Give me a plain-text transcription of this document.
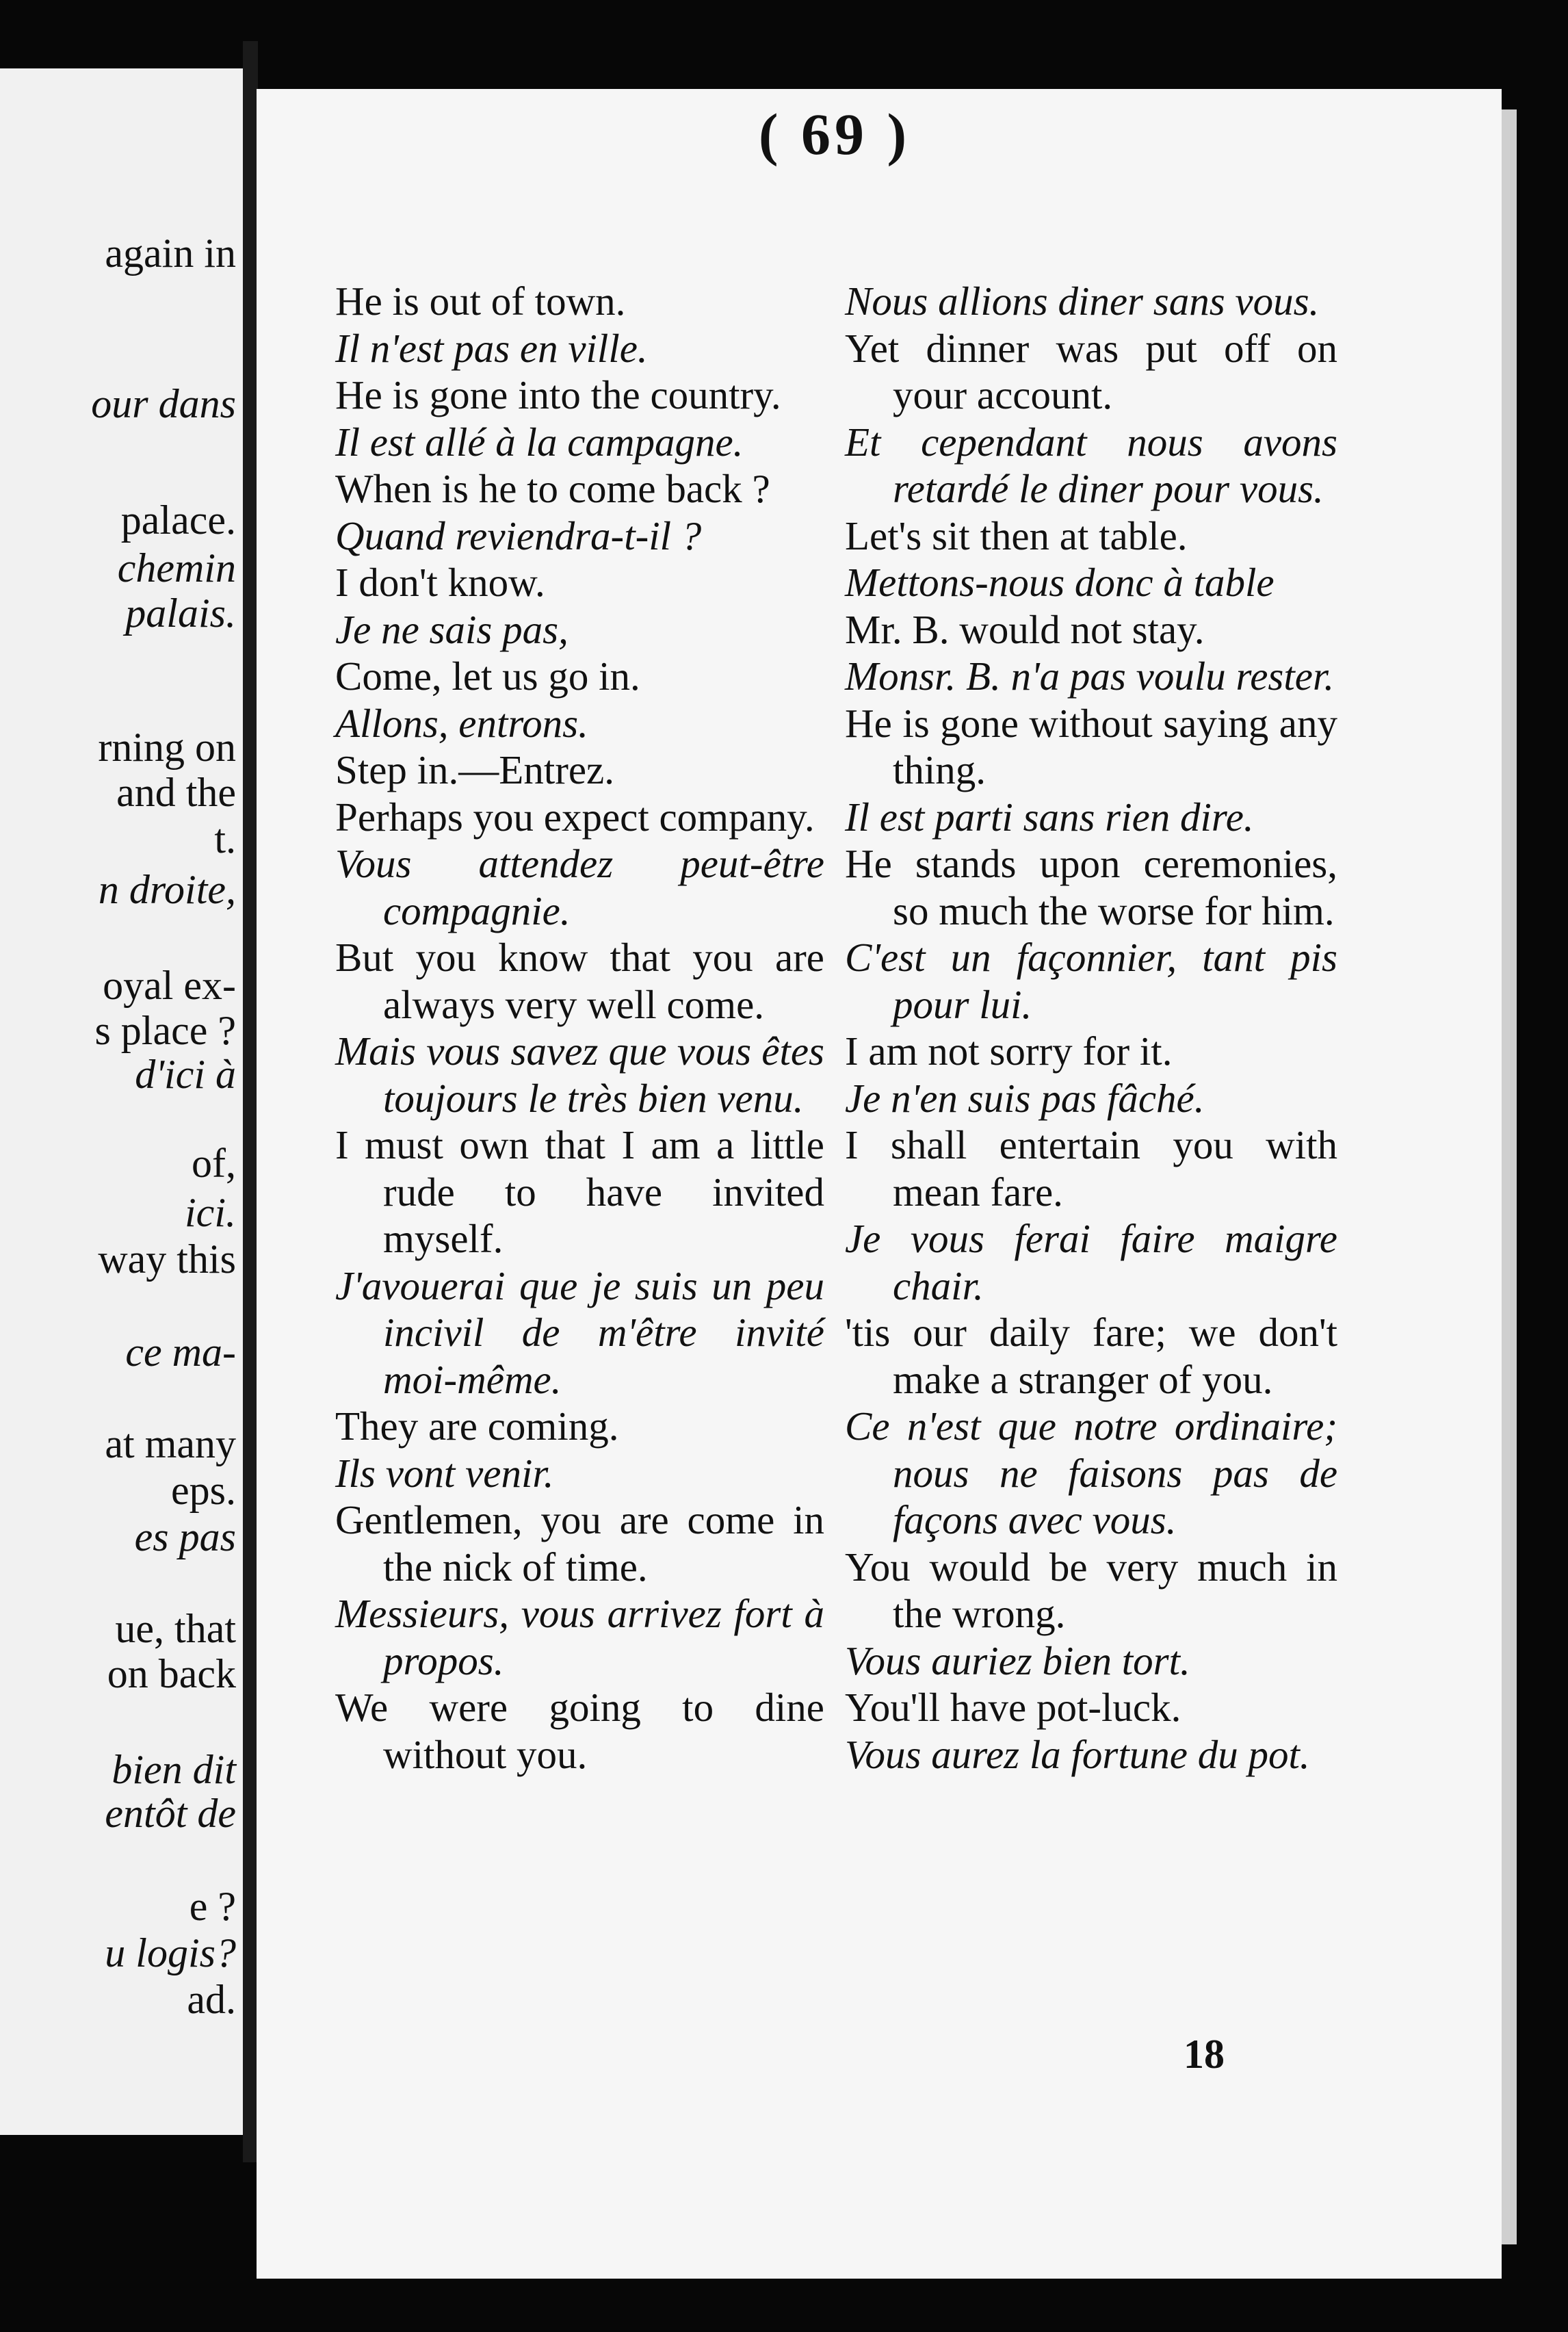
again in
our dans
palace.
chemin
palais.
rning on
and the
t.
n droite,
oyal ex-
s place ?
d'ici à
of,
ici.
way this
ce ma-
at many
eps.
es pas
ue, that
on back
bien dit
entôt de
e ?
u logis?
ad.
( 69 )

He is out of town.

Il n'est pas en ville.

He is gone into the country.

Il est allé à la campagne.

When is he to come back ?

Quand reviendra-t-il ?

I don't know.

Je ne sais pas,

Come, let us go in.

Allons, entrons.

Step in.—Entrez.

Perhaps you expect company.

Vous attendez peut-être compagnie.

But you know that you are always very well come.

Mais vous savez que vous êtes toujours le très bien venu.

I must own that I am a little rude to have invited myself.

J'avouerai que je suis un peu incivil de m'être invité moi-même.

They are coming.

Ils vont venir.

Gentlemen, you are come in the nick of time.

Messieurs, vous arrivez fort à propos.

We were going to dine without you.

Nous allions diner sans vous.

Yet dinner was put off on your account.

Et cependant nous avons retardé le diner pour vous.

Let's sit then at table.

Mettons-nous donc à table

Mr. B. would not stay.

Monsr. B. n'a pas voulu rester.

He is gone without saying any thing.

Il est parti sans rien dire.

He stands upon ceremonies, so much the worse for him.

C'est un façonnier, tant pis pour lui.

I am not sorry for it.

Je n'en suis pas fâché.

I shall entertain you with mean fare.

Je vous ferai faire maigre chair.

'tis our daily fare; we don't make a stranger of you.

Ce n'est que notre ordinaire; nous ne faisons pas de façons avec vous.

You would be very much in the wrong.

Vous auriez bien tort.

You'll have pot-luck.

Vous aurez la fortune du pot.

18
